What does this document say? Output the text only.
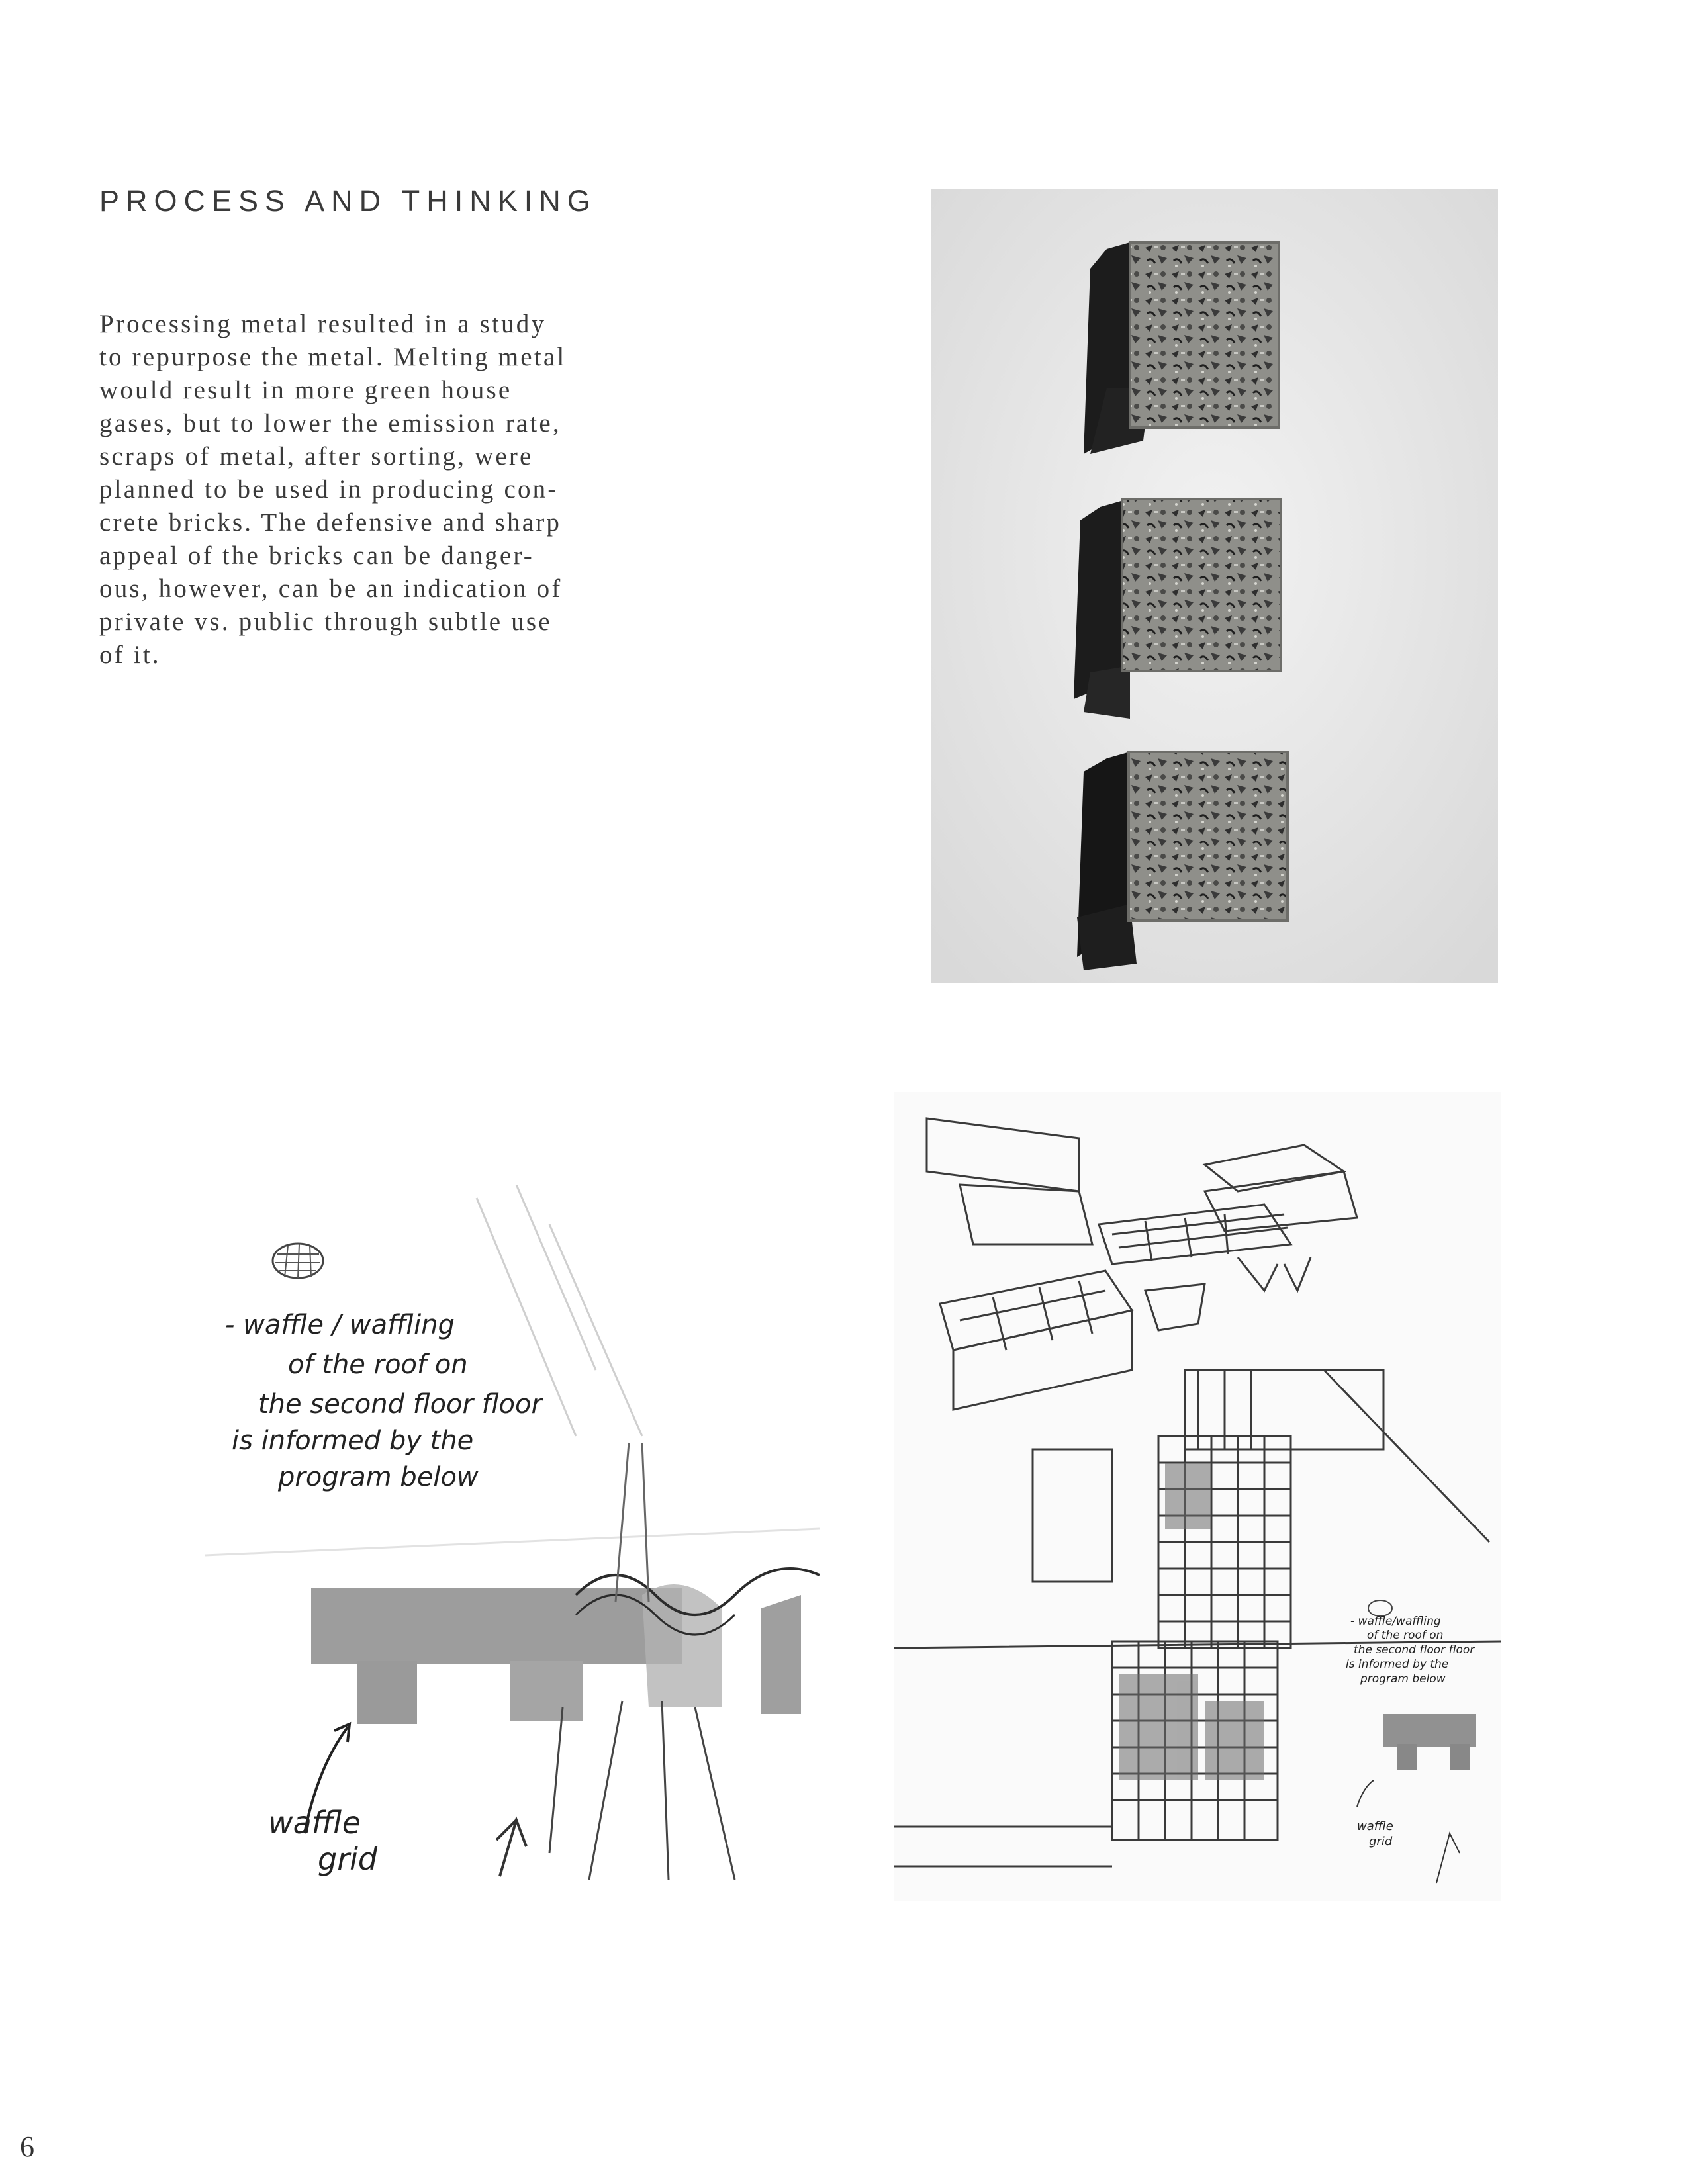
PROCESS AND THINKING

Processing metal resulted in a study
to repurpose the metal. Melting metal
would result in more green house
gases, but to lower the emission rate,
scraps of metal, after sorting, were
planned to be used in producing con-
crete bricks. The defensive and sharp
appeal of the bricks can be danger-
ous, however, can be an indication of
private vs. public through subtle use
of it.

- waffle / waffling
of the roof on
the second floor floor
is informed by the
program below
waffle
grid
- waffle/waffling
of the roof on
the second floor floor
is informed by the
program below
waffle
grid
6
